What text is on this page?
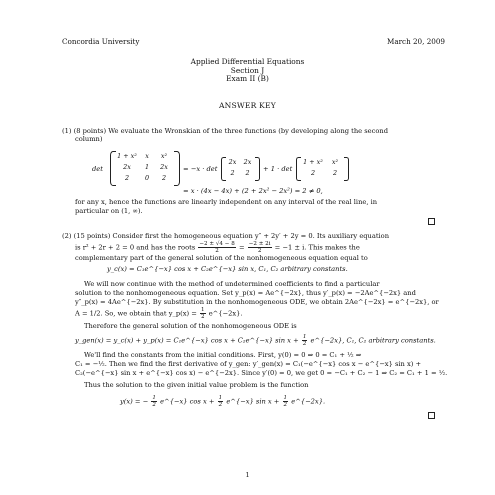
Concordia University	March 20, 2009
Applied Differential Equations
Section J
Exam II (B)
ANSWER KEY
(1) (8 points) We evaluate the Wronskian of the three functions (by developing along the second
column)
det
1 + x²	x	x²
2x	1	2x
2	0	2
= −x · det
2x	2x
2	2	+ 1 · det
1 + x²	x²
2	2
= x · (4x − 4x) + (2 + 2x² − 2x²) = 2 ≠ 0,
for any x, hence the functions are linearly independent on any interval of the real line, in
particular on (1, ∞).
(2) (15 points) Consider first the homogeneous equation y″ + 2y′ + 2y = 0. Its auxiliary equation
is r² + 2r + 2 = 0 and has the roots $\frac{-2 \pm √4 - 8}{2} = \frac{-2 \pm 2i}{2} = -1 \pm i$. This makes the
complementary part of the general solution of the nonhomogeneous equation equal to
y_c(x) = C₁e^{−x} cos x + C₂e^{−x} sin x, C₁, C₂ arbitrary constants.
We will now continue with the method of undetermined coefficients to find a particular
solution to the nonhomogeneous equation. Set y_p(x) = Ae^{−2x}, thus y′_p(x) = −2Ae^{−2x} and
y″_p(x) = 4Ae^{−2x}. By substitution in the nonhomogeneous ODE, we obtain 2Ae^{−2x} = e^{−2x}, or
A = 1/2. So, we obtain that y_p(x) = $\frac{1}{2}$ e^{−2x}.
Therefore the general solution of the nonhomogeneous ODE is
y_gen(x) = y_c(x) + y_p(x) = C₁e^{−x} cos x + C₂e^{−x} $\sin x + \frac{1}{2}$ e^{−2x}, C₁, C₂ arbitrary constants.
We'll find the constants from the initial conditions. First, y(0) = 0 ⇒ 0 = C₁ + ½ ⇒
C₁ = −½. Then we find the first derivative of y_gen: y′_gen(x) = C₁(−e^{−x} cos x − e^{−x} sin x) +
C₂(−e^{−x} sin x + e^{−x} cos x) − e^{−2x}. Since y′(0) = 0, we get 0 = −C₁ + C₂ − 1 ⇒ C₂ = C₁ + 1 = ½.
Thus the solution to the given initial value problem is the function
y(x) = − $\frac{1}{2}$ e^{−x} $\cos x + \frac{1}{2}$ e^{−x} $\sin x + \frac{1}{2}$ e^{−2x}.
1
